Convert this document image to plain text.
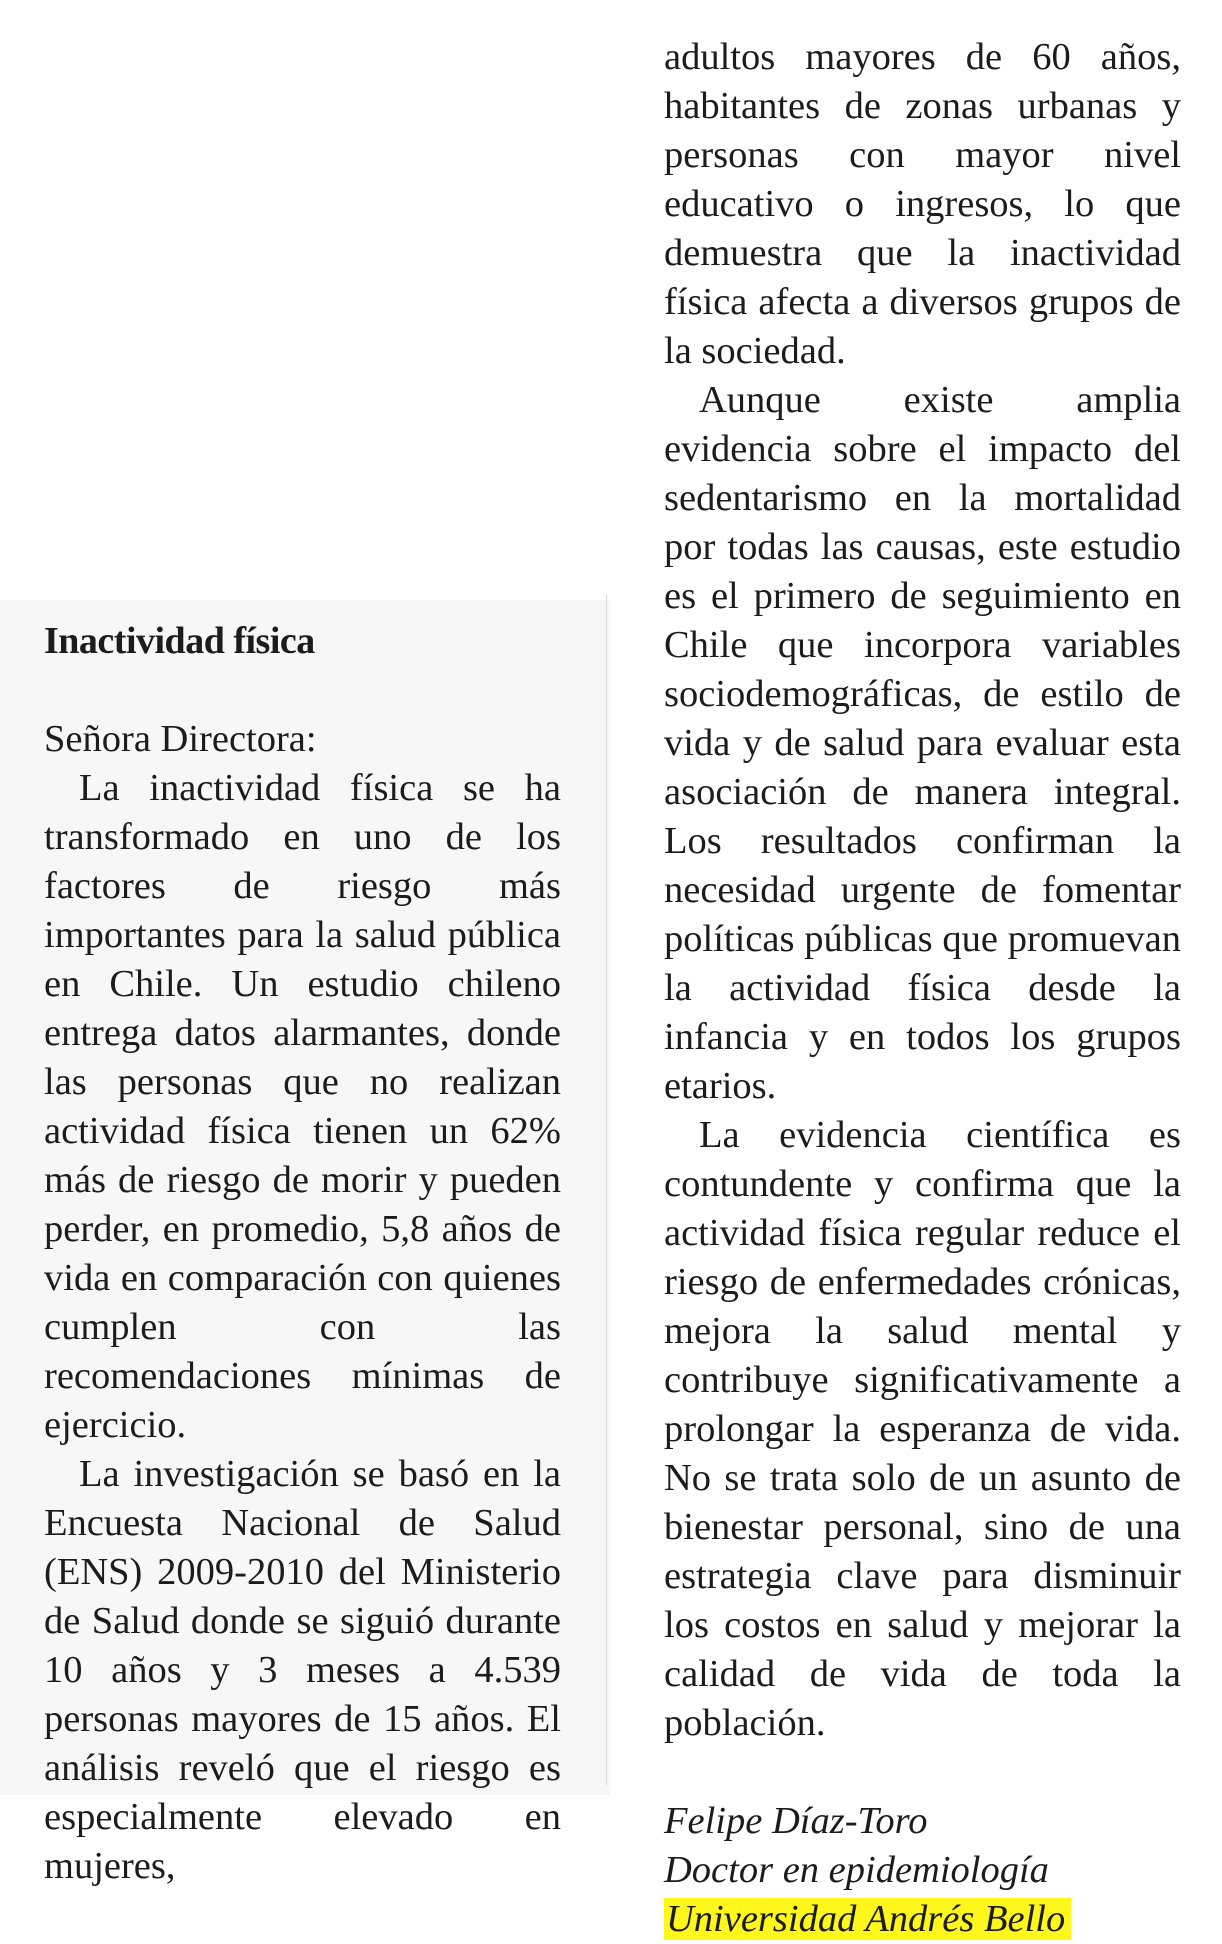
Inactividad física

Señora Directora:

La inactividad física se ha transformado en uno de los factores de riesgo más importantes para la salud pública en Chile. Un estudio chileno entrega datos alarmantes, donde las personas que no realizan actividad física tienen un 62% más de riesgo de morir y pueden perder, en promedio, 5,8 años de vida en comparación con quienes cumplen con las recomendaciones mínimas de ejercicio.

La investigación se basó en la Encuesta Nacional de Salud (ENS) 2009-2010 del Ministerio de Salud donde se siguió durante 10 años y 3 meses a 4.539 personas mayores de 15 años. El análisis reveló que el riesgo es especialmente elevado en mujeres,

adultos mayores de 60 años, habitantes de zonas urbanas y personas con mayor nivel educativo o ingresos, lo que demuestra que la inactividad física afecta a diversos grupos de la sociedad.

Aunque existe amplia evidencia sobre el impacto del sedentarismo en la mortalidad por todas las causas, este estudio es el primero de seguimiento en Chile que incorpora variables sociodemográficas, de estilo de vida y de salud para evaluar esta asociación de manera integral. Los resultados confirman la necesidad urgente de fomentar políticas públicas que promuevan la actividad física desde la infancia y en todos los grupos etarios.

La evidencia científica es contundente y confirma que la actividad física regular reduce el riesgo de enfermedades crónicas, mejora la salud mental y contribuye significativamente a prolongar la esperanza de vida. No se trata solo de un asunto de bienestar personal, sino de una estrategia clave para disminuir los costos en salud y mejorar la calidad de vida de toda la población.

Felipe Díaz-Toro
Doctor en epidemiología
Universidad Andrés Bello
